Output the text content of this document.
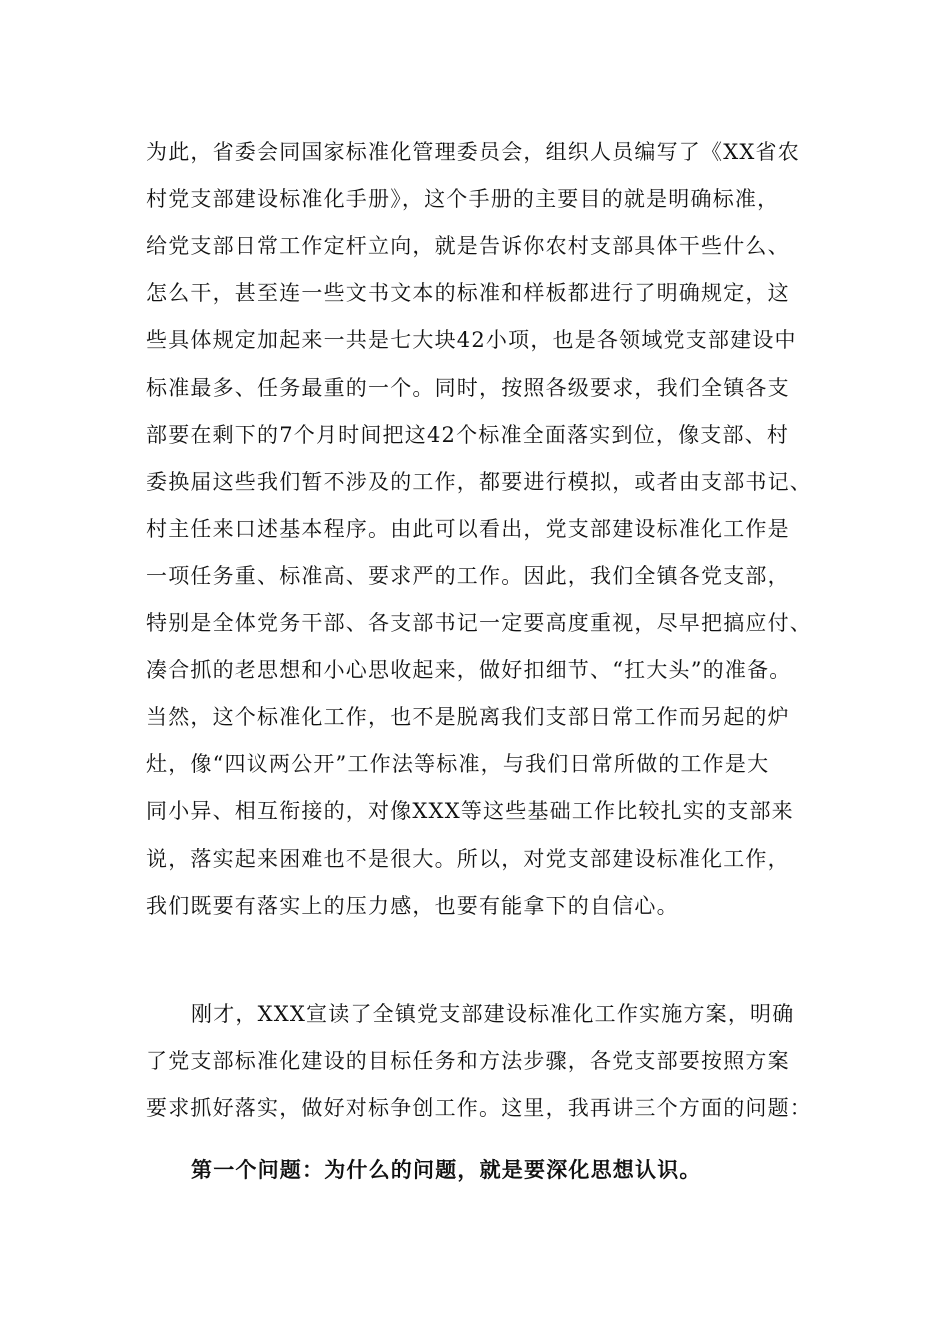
为此，省委会同国家标准化管理委员会，组织人员编写了《XX省农
村党支部建设标准化手册》，这个手册的主要目的就是明确标准，
给党支部日常工作定杆立向，就是告诉你农村支部具体干些什么、
怎么干，甚至连一些文书文本的标准和样板都进行了明确规定，这
些具体规定加起来一共是七大块42小项，也是各领域党支部建设中
标准最多、任务最重的一个。同时，按照各级要求，我们全镇各支
部要在剩下的7个月时间把这42个标准全面落实到位，像支部、村
委换届这些我们暂不涉及的工作，都要进行模拟，或者由支部书记、
村主任来口述基本程序。由此可以看出，党支部建设标准化工作是
一项任务重、标准高、要求严的工作。因此，我们全镇各党支部，
特别是全体党务干部、各支部书记一定要高度重视，尽早把搞应付、
凑合抓的老思想和小心思收起来，做好扣细节、“扛大头”的准备。
当然，这个标准化工作，也不是脱离我们支部日常工作而另起的炉
灶，像“四议两公开”工作法等标准，与我们日常所做的工作是大
同小异、相互衔接的，对像XXX等这些基础工作比较扎实的支部来
说，落实起来困难也不是很大。所以，对党支部建设标准化工作，
我们既要有落实上的压力感，也要有能拿下的自信心。
刚才，XXX宣读了全镇党支部建设标准化工作实施方案，明确
了党支部标准化建设的目标任务和方法步骤，各党支部要按照方案
要求抓好落实，做好对标争创工作。这里，我再讲三个方面的问题：
第一个问题：为什么的问题，就是要深化思想认识。
